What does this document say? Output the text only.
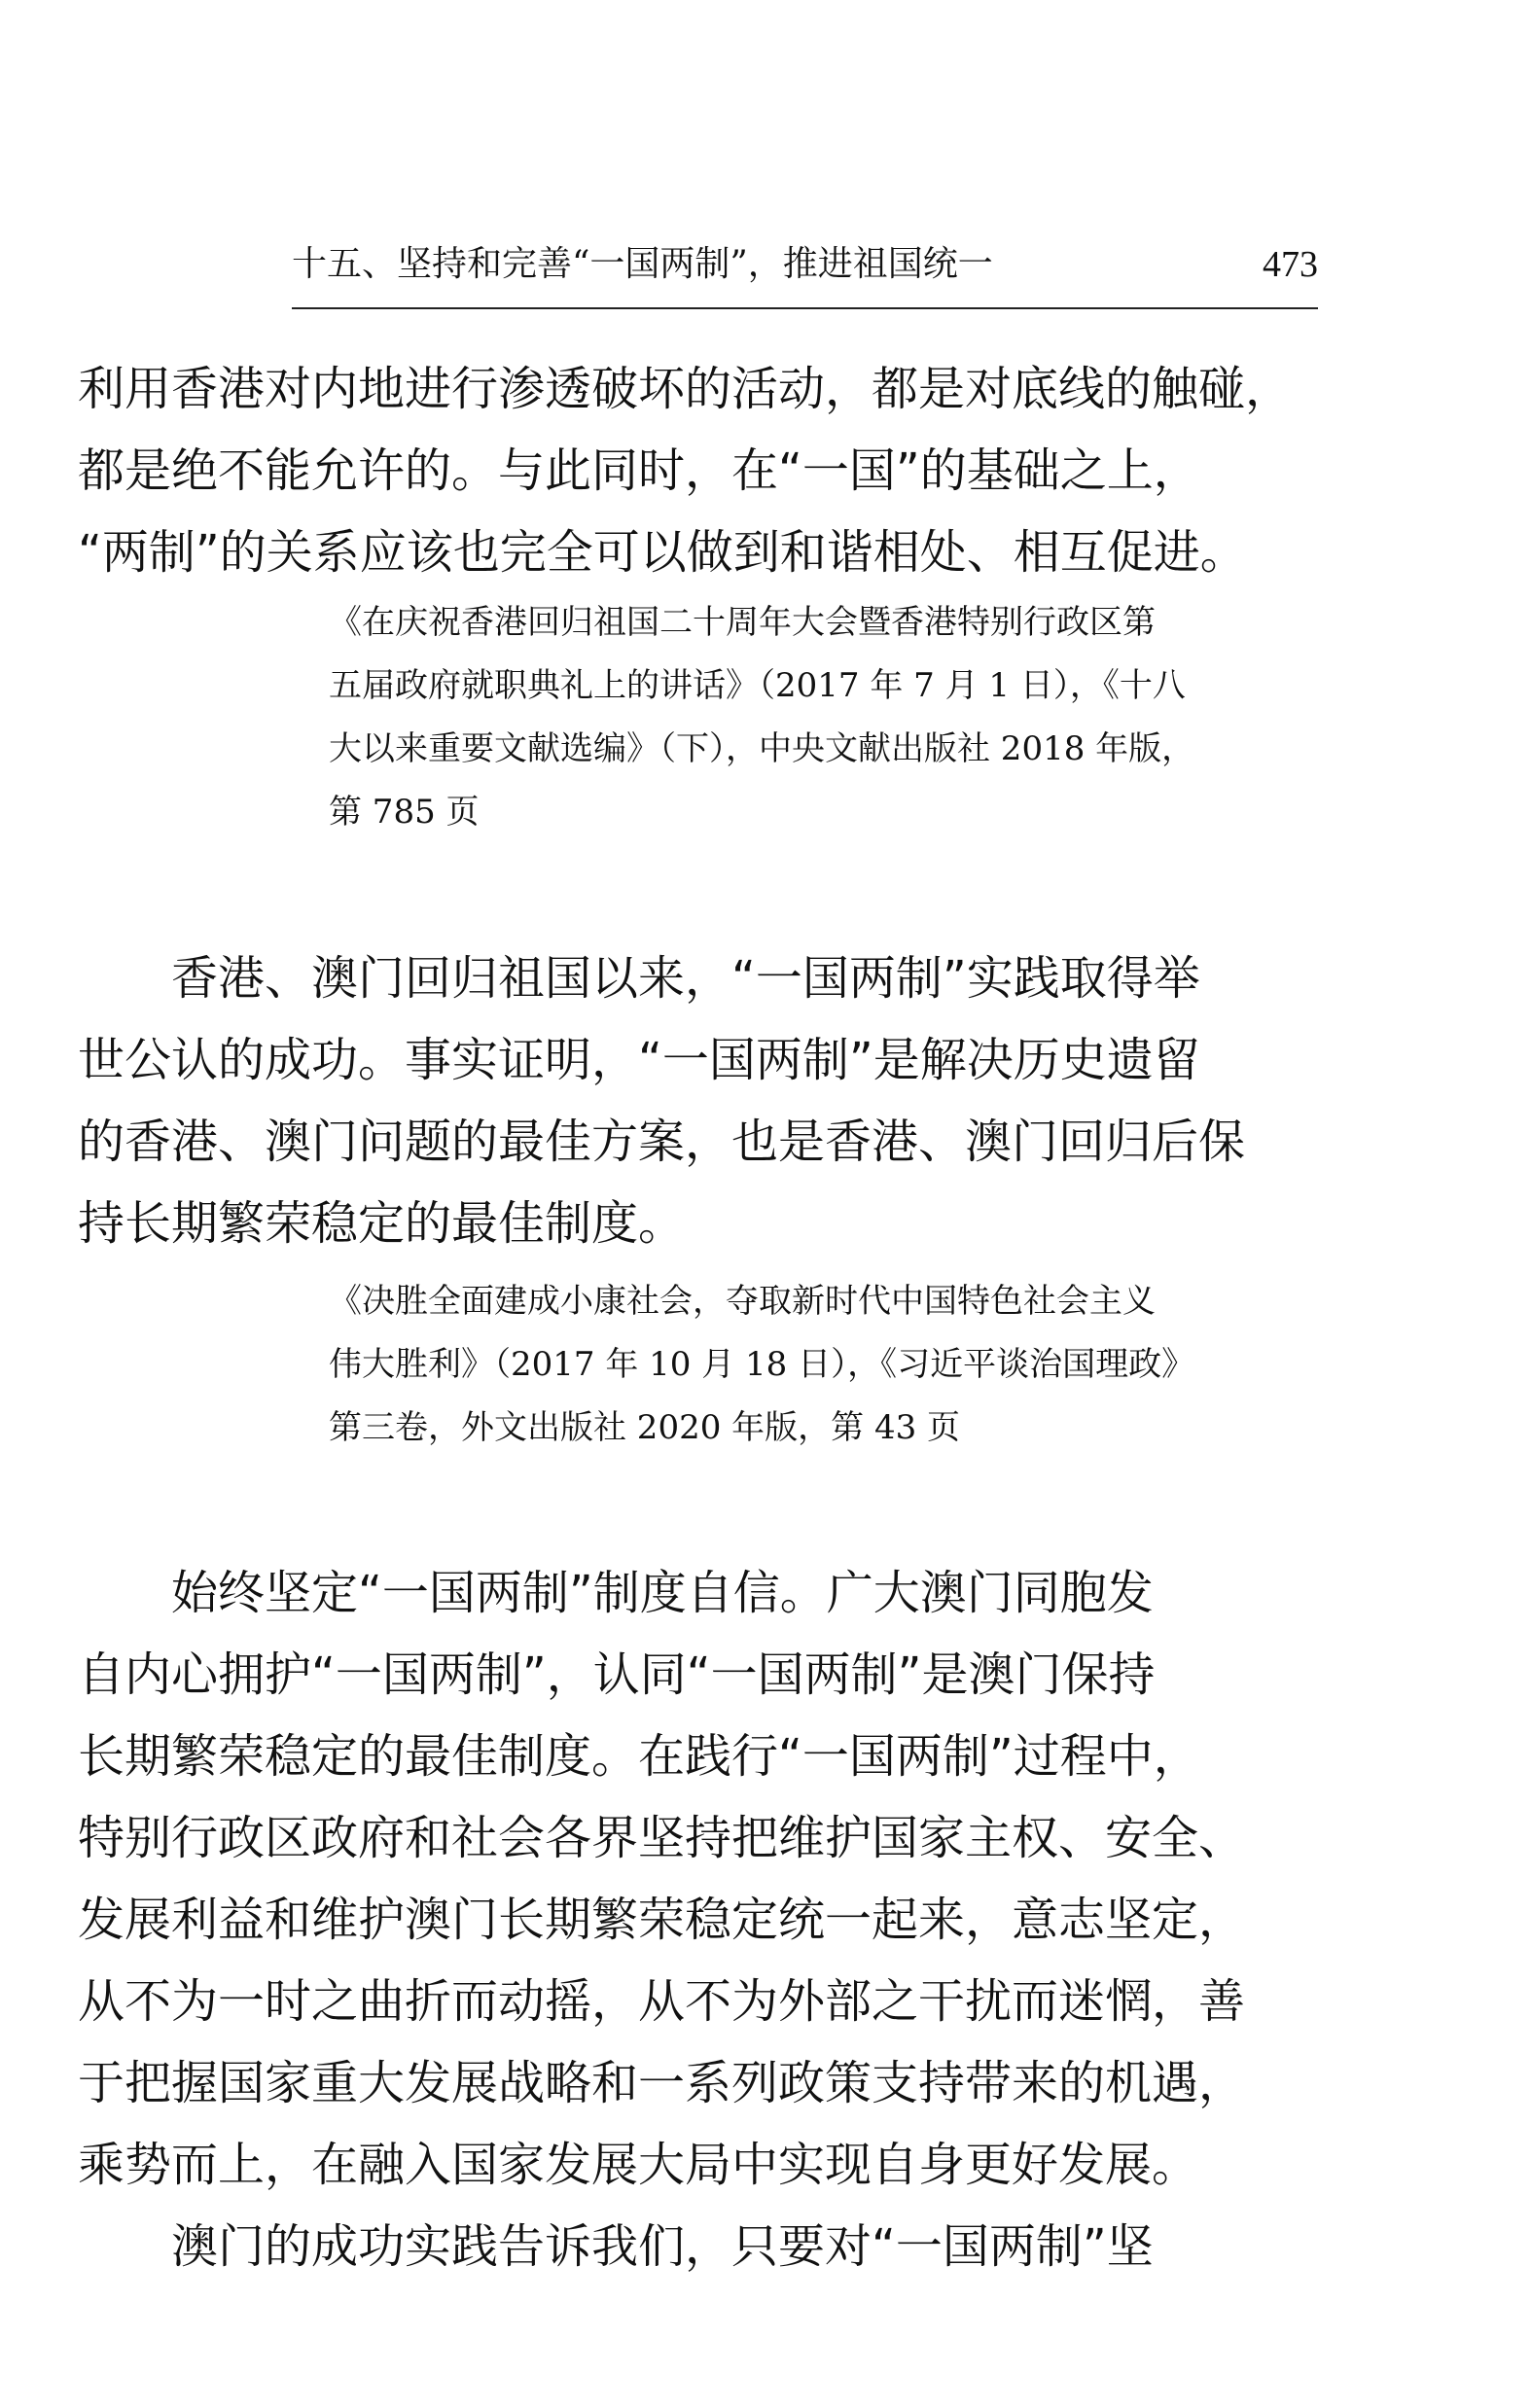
十五、坚持和完善“一国两制”，推进祖国统一	473
利用香港对内地进行渗透破坏的活动，都是对底线的触碰，
都是绝不能允许的。与此同时，在“一国”的基础之上，
“两制”的关系应该也完全可以做到和谐相处、相互促进。
《在庆祝香港回归祖国二十周年大会暨香港特别行政区第
五届政府就职典礼上的讲话》（2017 年 7 月 1 日），《十八
大以来重要文献选编》（下），中央文献出版社 2018 年版，
第 785 页
　　香港、澳门回归祖国以来，“一国两制”实践取得举
世公认的成功。事实证明，“一国两制”是解决历史遗留
的香港、澳门问题的最佳方案，也是香港、澳门回归后保
持长期繁荣稳定的最佳制度。
《决胜全面建成小康社会，夺取新时代中国特色社会主义
伟大胜利》（2017 年 10 月 18 日），《习近平谈治国理政》
第三卷，外文出版社 2020 年版，第 43 页
　　始终坚定“一国两制”制度自信。广大澳门同胞发
自内心拥护“一国两制”，认同“一国两制”是澳门保持
长期繁荣稳定的最佳制度。在践行“一国两制”过程中，
特别行政区政府和社会各界坚持把维护国家主权、安全、
发展利益和维护澳门长期繁荣稳定统一起来，意志坚定，
从不为一时之曲折而动摇，从不为外部之干扰而迷惘，善
于把握国家重大发展战略和一系列政策支持带来的机遇，
乘势而上，在融入国家发展大局中实现自身更好发展。
　　澳门的成功实践告诉我们，只要对“一国两制”坚
